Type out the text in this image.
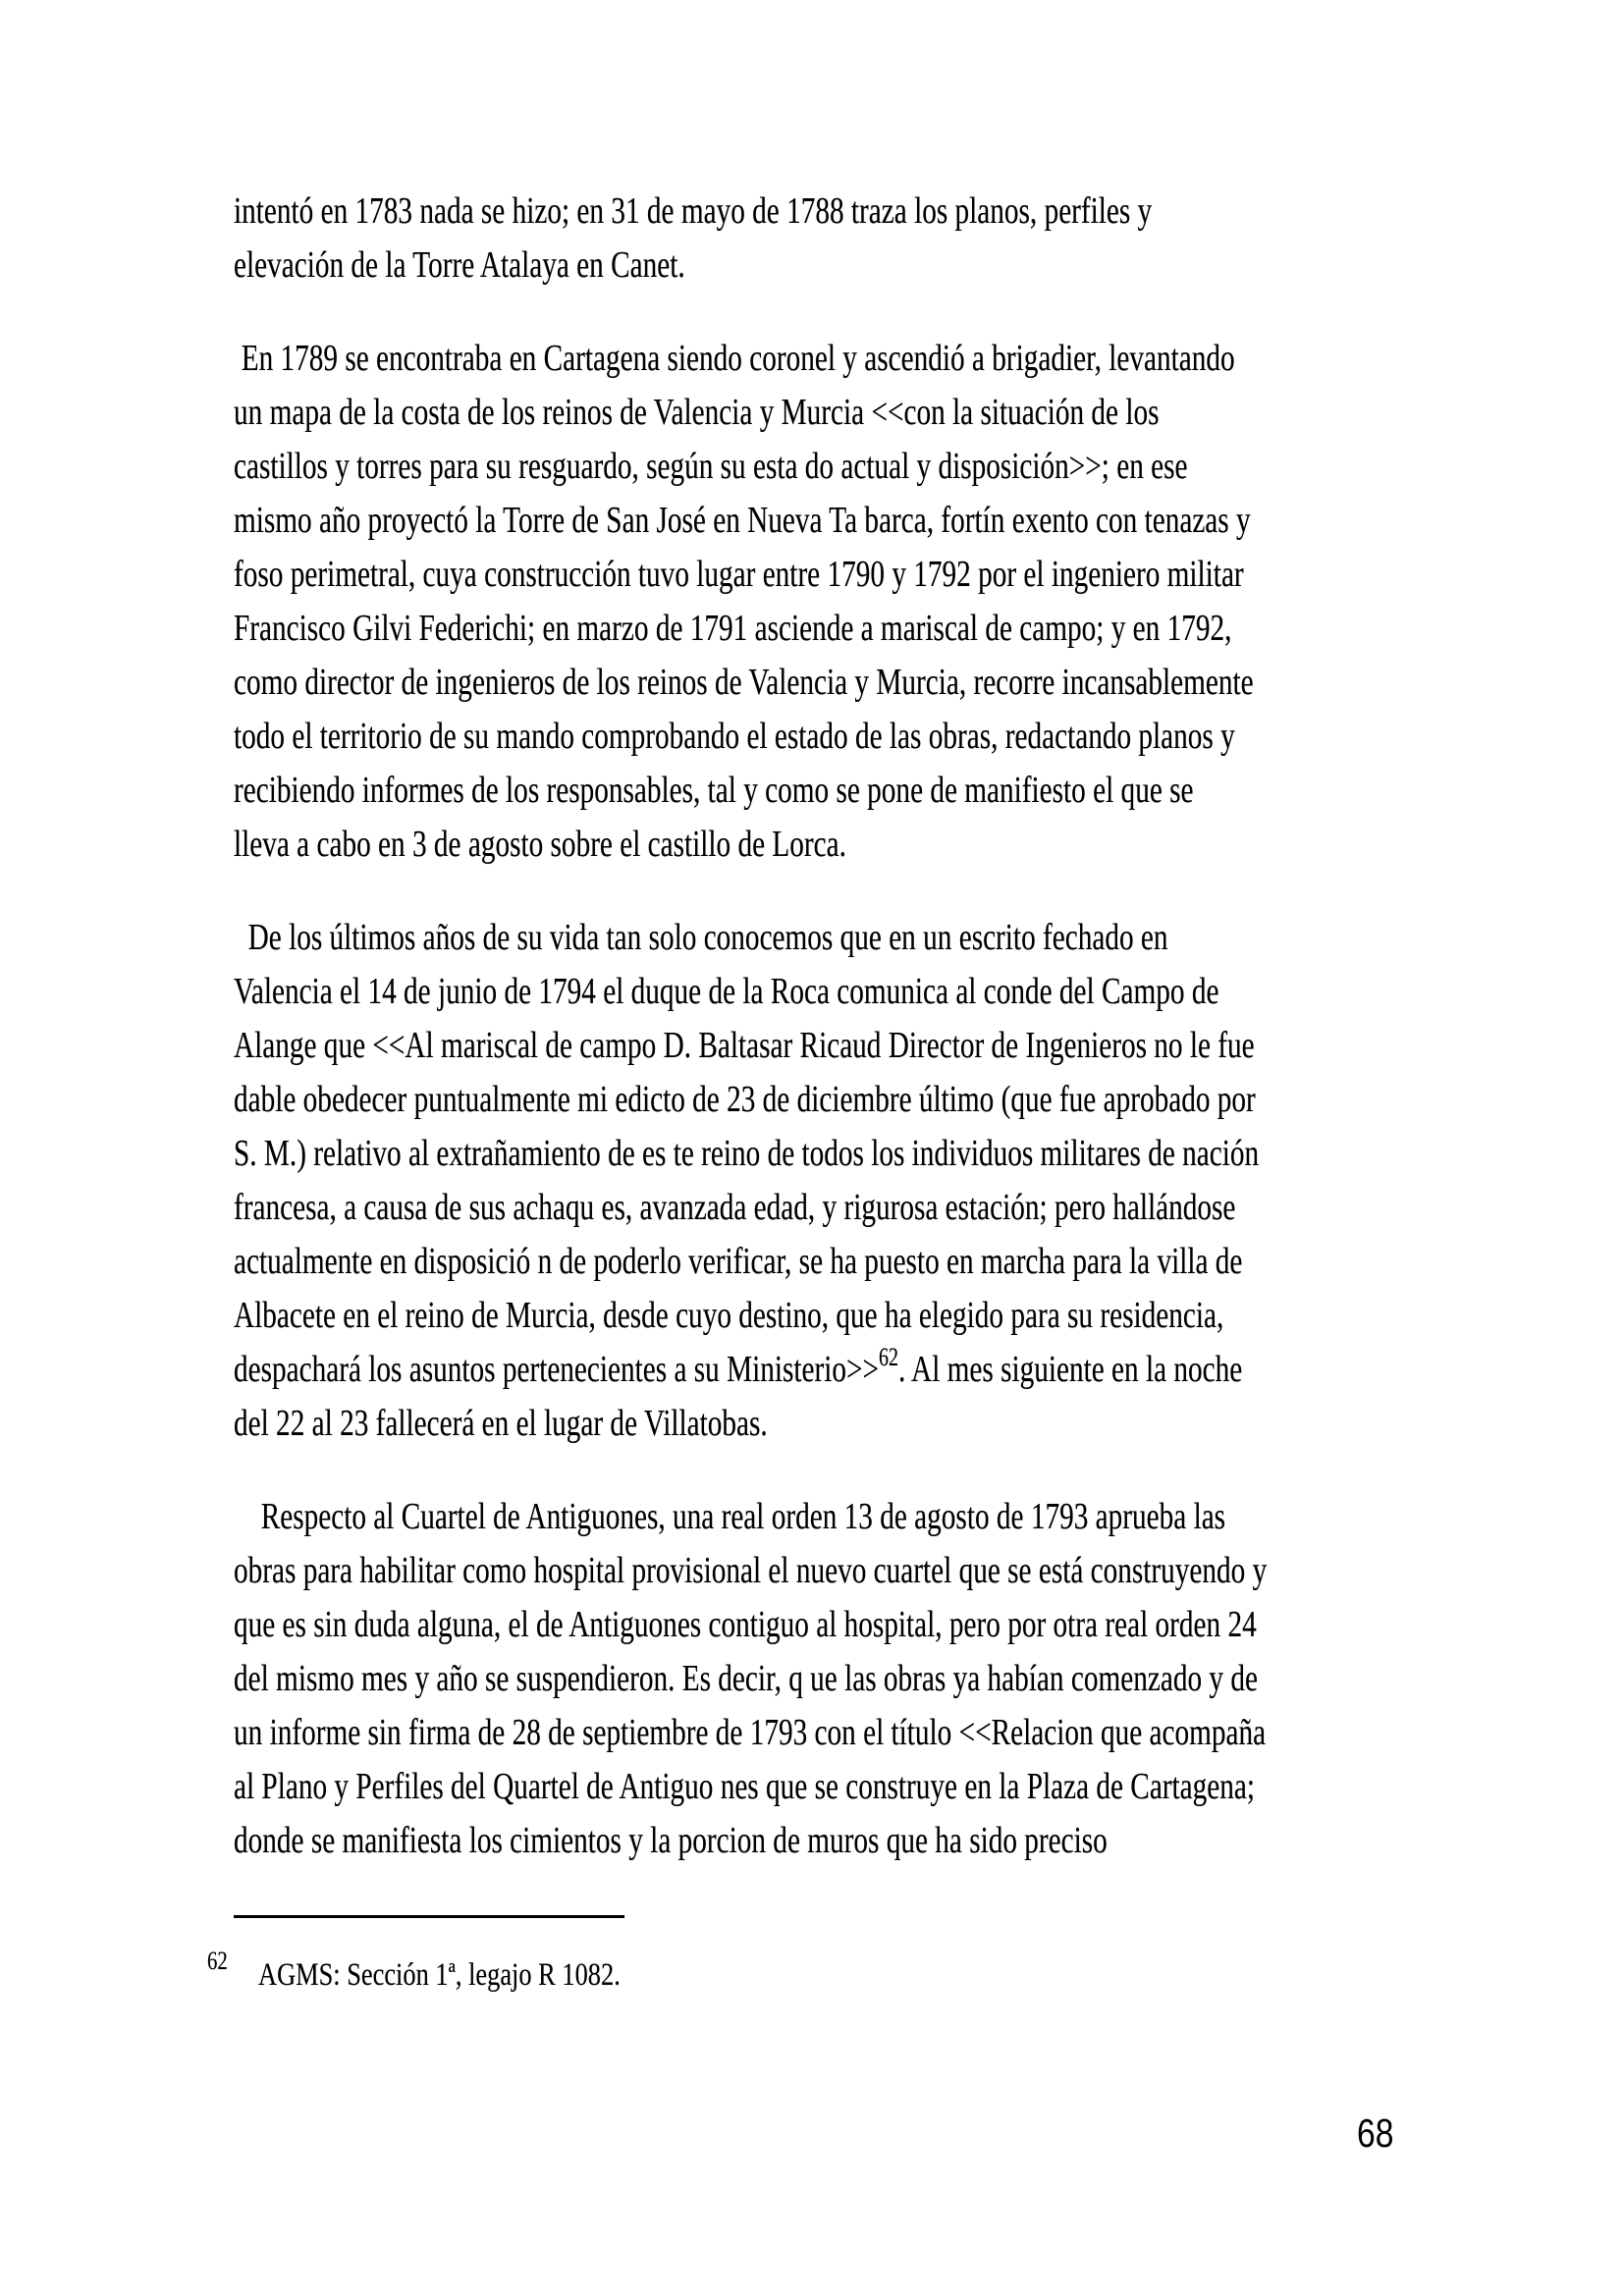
intentó en 1783 nada se hizo; en 31 de mayo de 1788 traza los planos, perfiles y
elevación de la Torre Atalaya en Canet.
En 1789 se encontraba en Cartagena siendo coronel y ascendió a brigadier, levantando
un mapa de la costa de los reinos de Valencia y Murcia <<con la situación de los
castillos y torres para su resguardo, según su esta do actual y disposición>>; en ese
mismo año proyectó la Torre de San José en Nueva Ta barca, fortín exento con tenazas y
foso perimetral, cuya construcción tuvo lugar entre 1790 y 1792 por el ingeniero militar
Francisco Gilvi Federichi; en marzo de 1791 asciende a mariscal de campo; y en 1792,
como director de ingenieros de los reinos de Valencia y Murcia, recorre incansablemente
todo el territorio de su mando comprobando el estado de las obras, redactando planos y
recibiendo informes de los responsables, tal y como se pone de manifiesto el que se
lleva a cabo en 3 de agosto sobre el castillo de Lorca.
De los últimos años de su vida tan solo conocemos que en un escrito fechado en
Valencia el 14 de junio de 1794 el duque de la Roca comunica al conde del Campo de
Alange que <<Al mariscal de campo D. Baltasar Ricaud Director de Ingenieros no le fue
dable obedecer puntualmente mi edicto de 23 de diciembre último (que fue aprobado por
S. M.) relativo al extrañamiento de es te reino de todos los individuos militares de nación
francesa, a causa de sus achaqu es, avanzada edad, y rigurosa estación; pero hallándose
actualmente en disposició n de poderlo verificar, se ha puesto en marcha para la villa de
Albacete en el reino de Murcia, desde cuyo destino, que ha elegido para su residencia,
despachará los asuntos pertenecientes a su Ministerio>>$^{62}$. Al mes siguiente en la noche
del 22 al 23 fallecerá en el lugar de Villatobas.
Respecto al Cuartel de Antiguones, una real orden 13 de agosto de 1793 aprueba las
obras para habilitar como hospital provisional el nuevo cuartel que se está construyendo y
que es sin duda alguna, el de Antiguones contiguo al hospital, pero por otra real orden 24
del mismo mes y año se suspendieron. Es decir, q ue las obras ya habían comenzado y de
un informe sin firma de 28 de septiembre de 1793 con el título <<Relacion que acompaña
al Plano y Perfiles del Quartel de Antiguo nes que se construye en la Plaza de Cartagena;
donde se manifiesta los cimientos y la porcion de muros que ha sido preciso
$^{62}$ AGMS: Sección 1ª, legajo R 1082.
68
